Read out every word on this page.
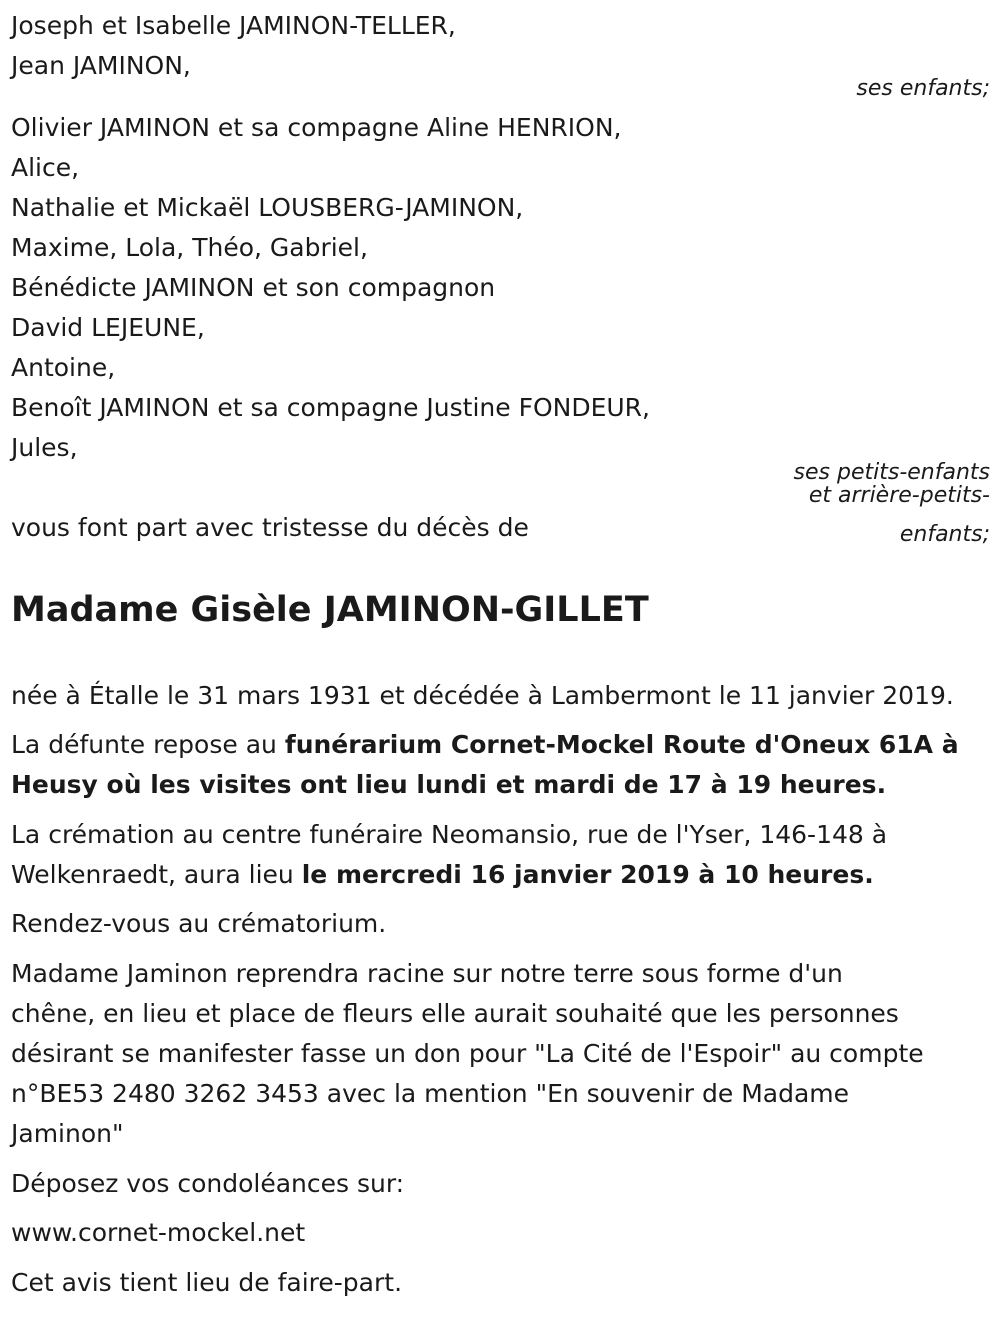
Joseph et Isabelle JAMINON-TELLER,
Jean JAMINON,
ses enfants;
Olivier JAMINON et sa compagne Aline HENRION,
Alice,
Nathalie et Mickaël LOUSBERG-JAMINON,
Maxime, Lola, Théo, Gabriel,
Bénédicte JAMINON et son compagnon
David LEJEUNE,
Antoine,
Benoît JAMINON et sa compagne Justine FONDEUR,
Jules,
ses petits-enfants
et arrière-petits-
enfants;
vous font part avec tristesse du décès de
Madame Gisèle JAMINON-GILLET
née à Étalle le 31 mars 1931 et décédée à Lambermont le 11 janvier 2019.
La défunte repose au funérarium Cornet-Mockel Route d'Oneux 61A à
Heusy où les visites ont lieu lundi et mardi de 17 à 19 heures.
La crémation au centre funéraire Neomansio, rue de l'Yser, 146-148 à
Welkenraedt, aura lieu le mercredi 16 janvier 2019 à 10 heures.
Rendez-vous au crématorium.
Madame Jaminon reprendra racine sur notre terre sous forme d'un
chêne, en lieu et place de fleurs elle aurait souhaité que les personnes
désirant se manifester fasse un don pour "La Cité de l'Espoir" au compte
n°BE53 2480 3262 3453 avec la mention "En souvenir de Madame
Jaminon"
Déposez vos condoléances sur:
www.cornet-mockel.net
Cet avis tient lieu de faire-part.
